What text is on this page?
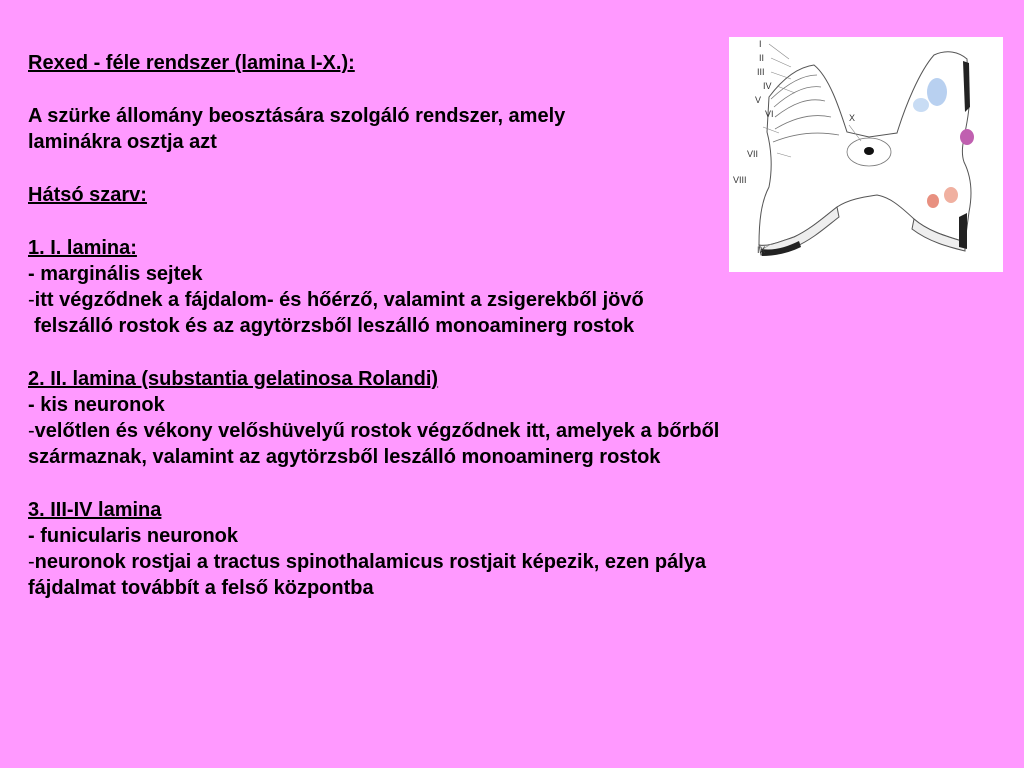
Rexed - féle rendszer (lamina I-X.):
A szürke állomány beosztására szolgáló rendszer, amely
laminákra osztja azt
Hátsó szarv:
1. I. lamina:
- marginális sejtek
-itt végződnek a fájdalom- és hőérző, valamint a zsigerekből jövő
felszálló rostok és az agytörzsből leszálló monoaminerg rostok
2. II. lamina (substantia gelatinosa Rolandi)
- kis neuronok
-velőtlen és vékony velőshüvelyű rostok végződnek itt, amelyek a bőrből
származnak, valamint az agytörzsből leszálló monoaminerg rostok
3. III-IV lamina
- funicularis neuronok
-neuronok rostjai a tractus spinothalamicus rostjait képezik, ezen pálya
fájdalmat továbbít a felső központba
I
II
III
IV
V
VI
VII
VIII
IX
X
